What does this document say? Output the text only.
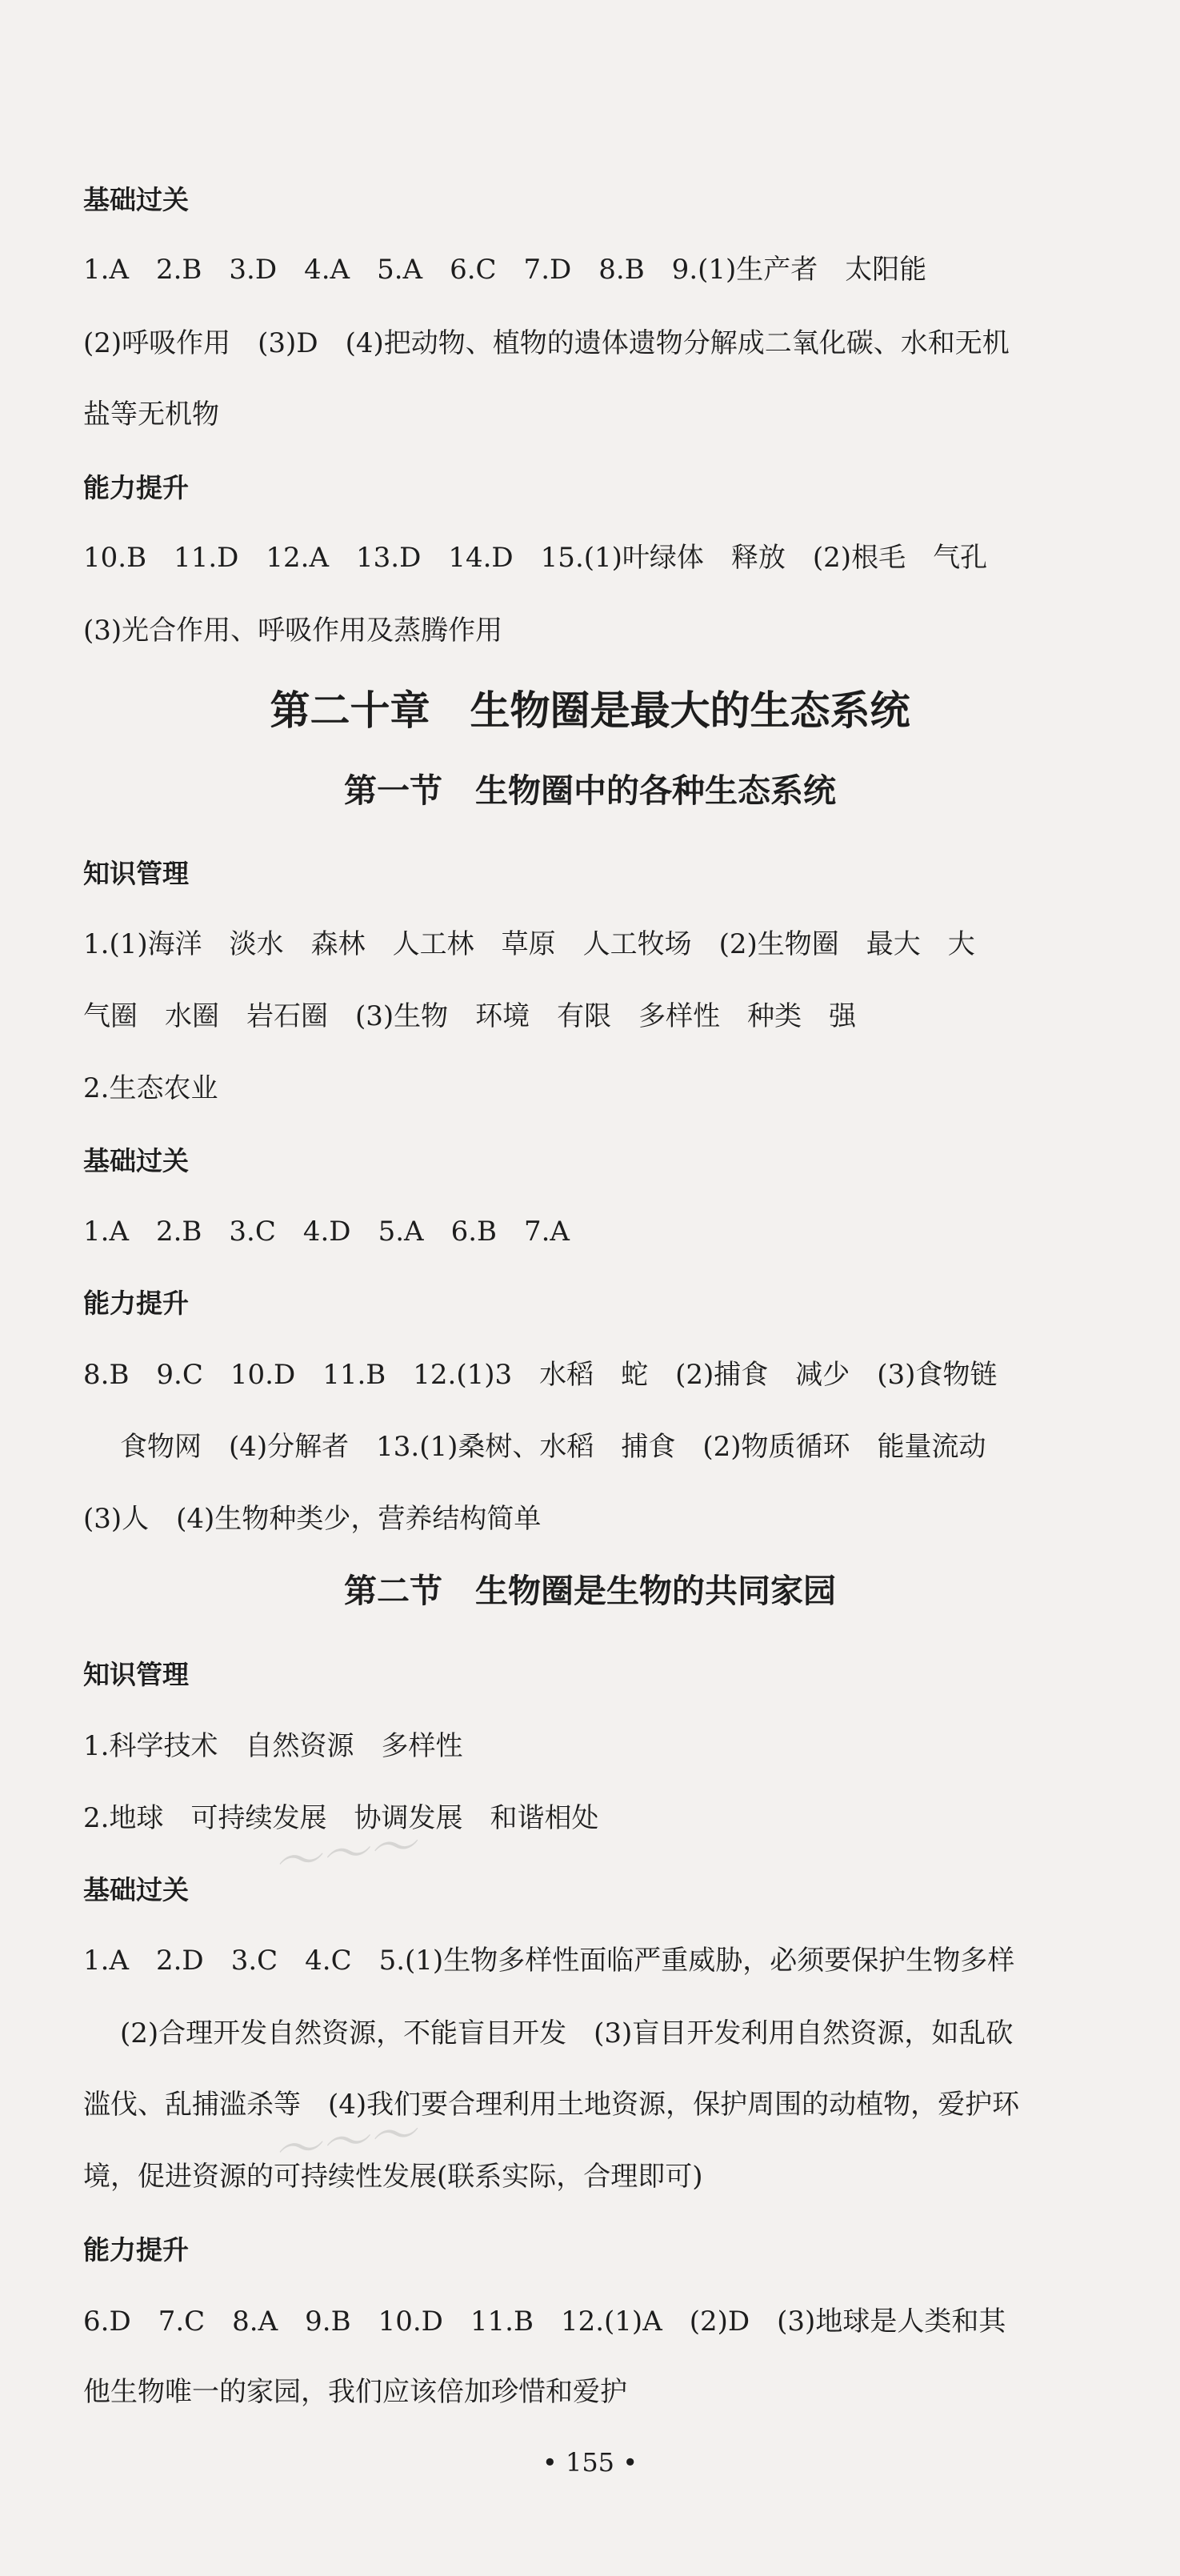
基础过关
1.A　2.B　3.D　4.A　5.A　6.C　7.D　8.B　9.(1)生产者　太阳能
(2)呼吸作用　(3)D　(4)把动物、植物的遗体遗物分解成二氧化碳、水和无机
盐等无机物
能力提升
10.B　11.D　12.A　13.D　14.D　15.(1)叶绿体　释放　(2)根毛　气孔
(3)光合作用、呼吸作用及蒸腾作用
第二十章　生物圈是最大的生态系统
第一节　生物圈中的各种生态系统
知识管理
1.(1)海洋　淡水　森林　人工林　草原　人工牧场　(2)生物圈　最大　大
气圈　水圈　岩石圈　(3)生物　环境　有限　多样性　种类　强
2.生态农业
基础过关
1.A　2.B　3.C　4.D　5.A　6.B　7.A
能力提升
8.B　9.C　10.D　11.B　12.(1)3　水稻　蛇　(2)捕食　减少　(3)食物链
食物网　(4)分解者　13.(1)桑树、水稻　捕食　(2)物质循环　能量流动
(3)人　(4)生物种类少，营养结构简单
第二节　生物圈是生物的共同家园
知识管理
1.科学技术　自然资源　多样性
2.地球　可持续发展　协调发展　和谐相处
基础过关
1.A　2.D　3.C　4.C　5.(1)生物多样性面临严重威胁，必须要保护生物多样
(2)合理开发自然资源，不能盲目开发　(3)盲目开发利用自然资源，如乱砍
滥伐、乱捕滥杀等　(4)我们要合理利用土地资源，保护周围的动植物，爱护环
境，促进资源的可持续性发展(联系实际，合理即可)
能力提升
6.D　7.C　8.A　9.B　10.D　11.B　12.(1)A　(2)D　(3)地球是人类和其
他生物唯一的家园，我们应该倍加珍惜和爱护
• 155 •
～～～
～～～
